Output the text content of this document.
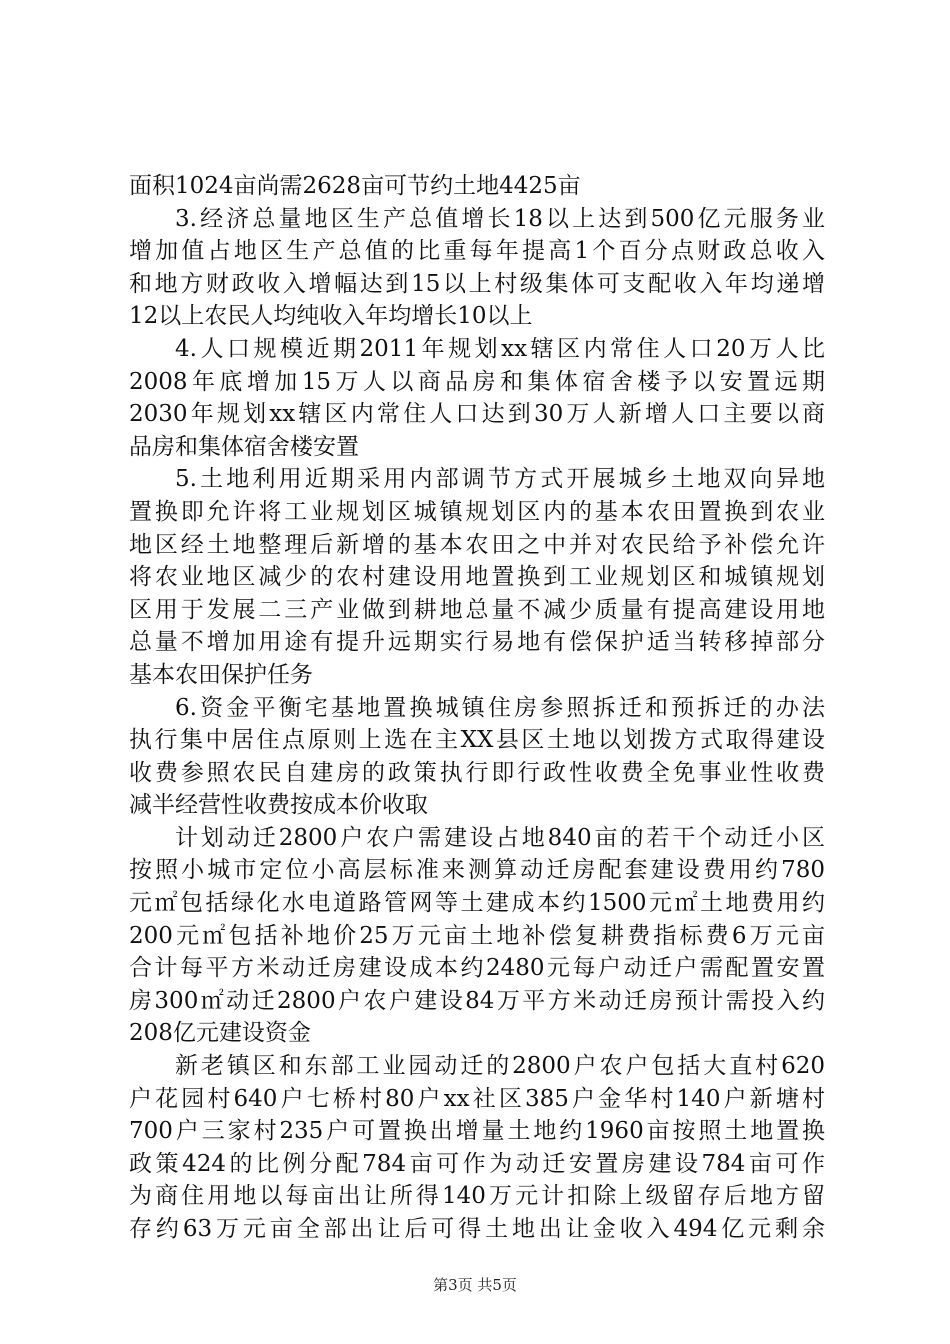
面积1024亩尚需2628亩可节约土地4425亩
3.经济总量地区生产总值增长18以上达到500亿元服务业
增加值占地区生产总值的比重每年提高1个百分点财政总收入
和地方财政收入增幅达到15以上村级集体可支配收入年均递增
12以上农民人均纯收入年均增长10以上
4.人口规模近期2011年规划xx辖区内常住人口20万人比
2008年底增加15万人以商品房和集体宿舍楼予以安置远期
2030年规划xx辖区内常住人口达到30万人新增人口主要以商
品房和集体宿舍楼安置
5.土地利用近期采用内部调节方式开展城乡土地双向异地
置换即允许将工业规划区城镇规划区内的基本农田置换到农业
地区经土地整理后新增的基本农田之中并对农民给予补偿允许
将农业地区减少的农村建设用地置换到工业规划区和城镇规划
区用于发展二三产业做到耕地总量不减少质量有提高建设用地
总量不增加用途有提升远期实行易地有偿保护适当转移掉部分
基本农田保护任务
6.资金平衡宅基地置换城镇住房参照拆迁和预拆迁的办法
执行集中居住点原则上选在主XX县区土地以划拨方式取得建设
收费参照农民自建房的政策执行即行政性收费全免事业性收费
减半经营性收费按成本价收取
计划动迁2800户农户需建设占地840亩的若干个动迁小区
按照小城市定位小高层标准来测算动迁房配套建设费用约780
元㎡包括绿化水电道路管网等土建成本约1500元㎡土地费用约
200元㎡包括补地价25万元亩土地补偿复耕费指标费6万元亩
合计每平方米动迁房建设成本约2480元每户动迁户需配置安置
房300㎡动迁2800户农户建设84万平方米动迁房预计需投入约
208亿元建设资金
新老镇区和东部工业园动迁的2800户农户包括大直村620
户花园村640户七桥村80户xx社区385户金华村140户新塘村
700户三家村235户可置换出增量土地约1960亩按照土地置换
政策424的比例分配784亩可作为动迁安置房建设784亩可作
为商住用地以每亩出让所得140万元计扣除上级留存后地方留
存约63万元亩全部出让后可得土地出让金收入494亿元剩余
第3页 共5页
